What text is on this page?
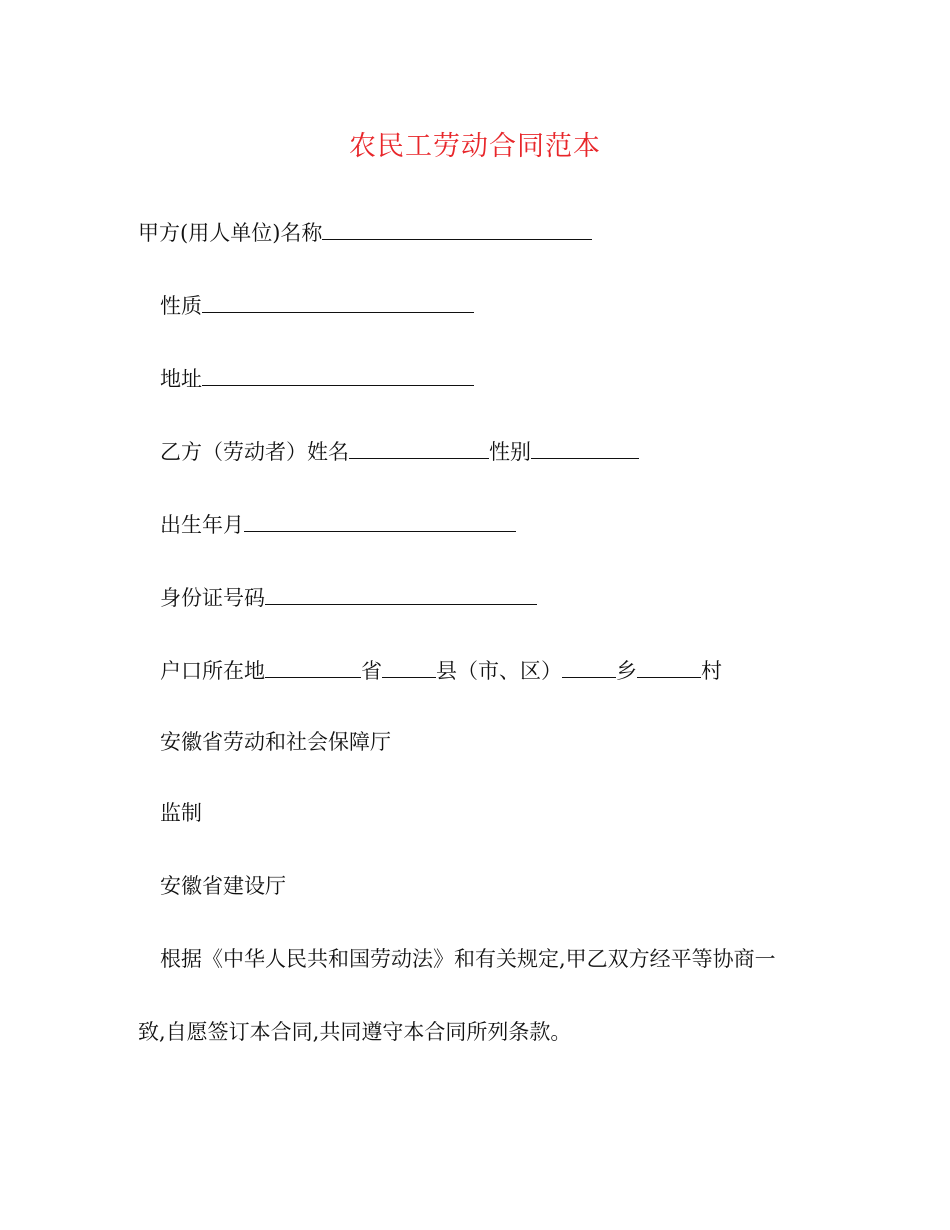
农民工劳动合同范本
甲方(用人单位)名称
性质
地址
乙方（劳动者）姓名	性别
出生年月
身份证号码
户口所在地	省	县（市、区）	乡	村
安徽省劳动和社会保障厅
监制
安徽省建设厅
根据《中华人民共和国劳动法》和有关规定,甲乙双方经平等协商一
致,自愿签订本合同,共同遵守本合同所列条款。
